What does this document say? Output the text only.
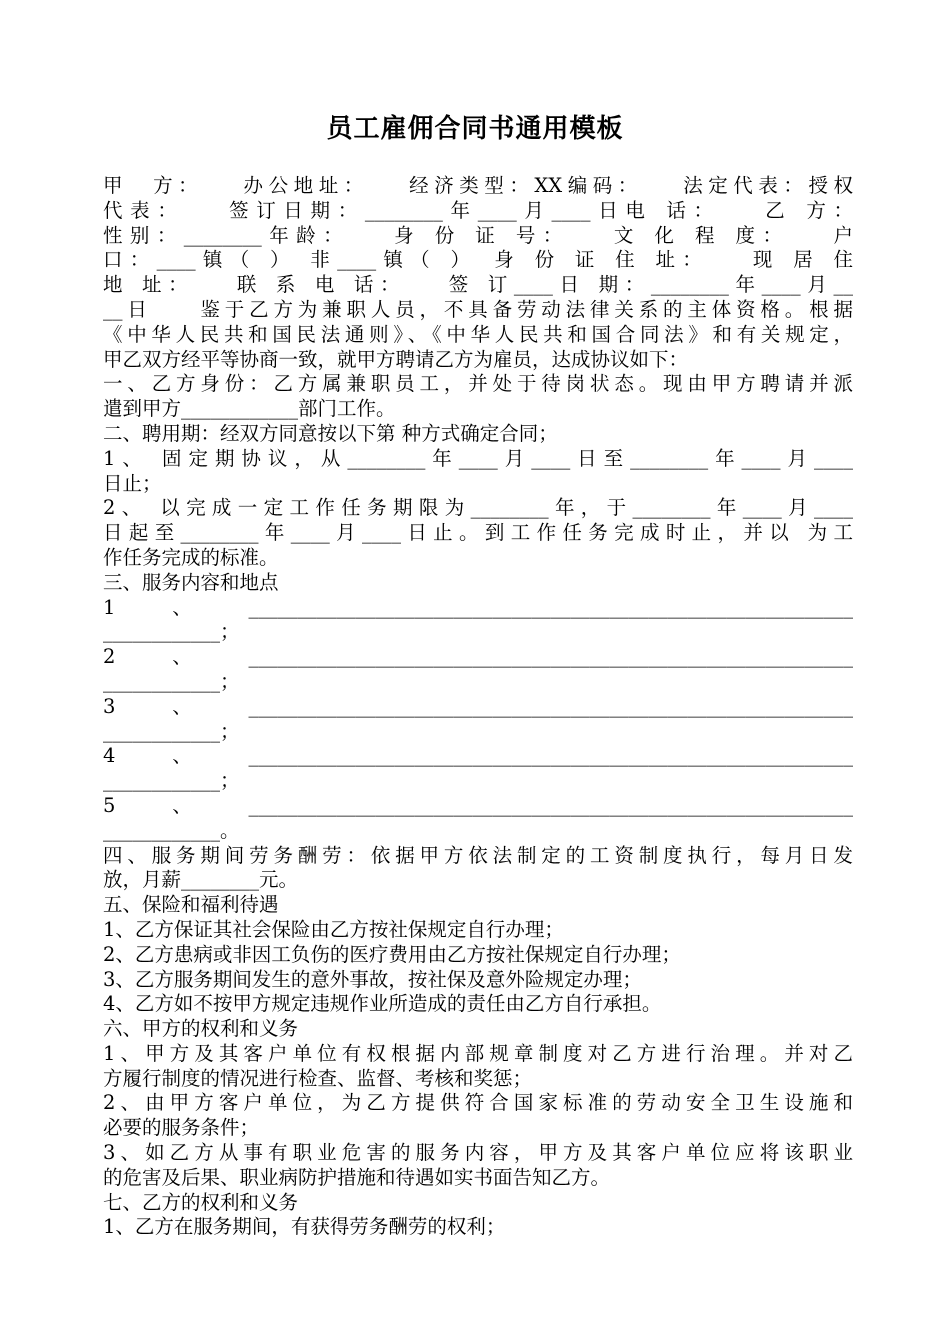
员工雇佣合同书通用模板
甲　方：　　办公地址：　　经济类型：XX编码：　　法定代表：授权
代表：　　签订日期：________年____月____日电 话：　　乙 方：
性别：________年龄：　　身 份 证 号：　　文 化 程 度：　　户
口：____镇（ ） 非____镇（ ）　身 份 证 住 址：　　现 居 住
地 址：　　联 系 电 话：　　签 订____日 期：________年____月__
__日　　鉴于乙方为兼职人员，不具备劳动法律关系的主体资格。根据
《中华人民共和国民法通则》、《中华人民共和国合同法》和有关规定，
甲乙双方经平等协商一致，就甲方聘请乙方为雇员，达成协议如下：
一、乙方身份：乙方属兼职员工，并处于待岗状态。现由甲方聘请并派
遣到甲方____________部门工作。
二、聘用期：经双方同意按以下第 种方式确定合同；
1、 固定期协议，从________年____月____日至________年____月____
日止；
2、 以完成一定工作任务期限为________年，于________年____月____
日起至________年____月____日止。到工作任务完成时止，并以 为工
作任务完成的标准。
三、服务内容和地点
1、______________________________________________________________
____________；
2、______________________________________________________________
____________；
3、______________________________________________________________
____________；
4、______________________________________________________________
____________；
5、______________________________________________________________
____________。
四、服务期间劳务酬劳：依据甲方依法制定的工资制度执行，每月日发
放，月薪________元。
五、保险和福利待遇
1、乙方保证其社会保险由乙方按社保规定自行办理；
2、乙方患病或非因工负伤的医疗费用由乙方按社保规定自行办理；
3、乙方服务期间发生的意外事故，按社保及意外险规定办理；
4、乙方如不按甲方规定违规作业所造成的责任由乙方自行承担。
六、甲方的权利和义务
1、甲方及其客户单位有权根据内部规章制度对乙方进行治理。并对乙
方履行制度的情况进行检查、监督、考核和奖惩；
2、由甲方客户单位，为乙方提供符合国家标准的劳动安全卫生设施和
必要的服务条件；
3、如乙方从事有职业危害的服务内容，甲方及其客户单位应将该职业
的危害及后果、职业病防护措施和待遇如实书面告知乙方。
七、乙方的权利和义务
1、乙方在服务期间，有获得劳务酬劳的权利；
